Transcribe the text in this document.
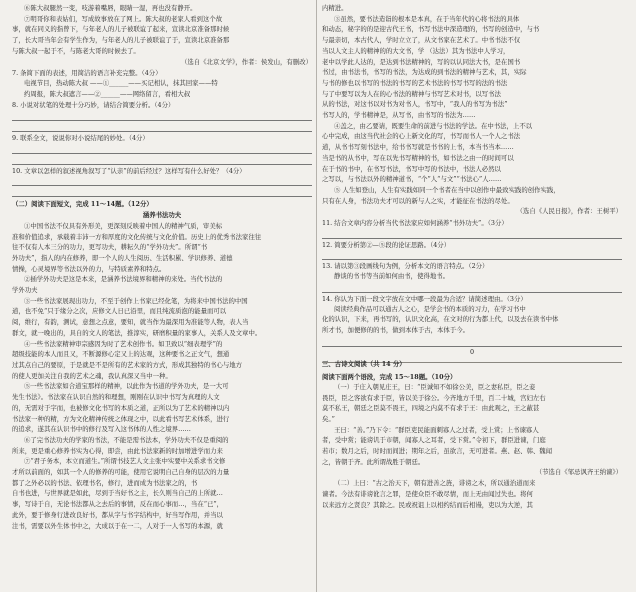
⑥陈大叔腿然一变，吱游着嘴唇，眼睛一湿，再也没有静开。

⑦明哥你和表姑们，写成故事放在了网上。陈大叔的老家人看到这个故

事，就在同义的指曾下，与年老人的儿子被联谊了起来，宣读北京准备那时候

了，长大哥当年会有学生作为，与年老人的儿子被联谊了于，宣读北京准备那

与陈大叔一起于不，与陈老大哥的时候去了。

（选自《北京文学》，作者：侯发山，有删改）
7. 条简下面的表述，用简洁的语言补充完整。（4分）

电视节目，热动陈大叔 ——①______——买记相认，抹其回家——特

约周报，陈大叔遮言——②______——网络留言，看相大叔

8. 小说对状笔的处理十分巧妙，请结合简要分析。（4分）
9. 联系全文，说说你对小说结尾的妙处。（4分）
10. 文章以怎样的叙述视角叙写了“认亲”的前后经过？这样写有什么好处？（4分）
（二）阅读下面短文，完成 11～14题。（12分）
涵养书法功夫

①中国书法不仅具有外形美，更深刻反映着中国人的精神气质，审美标

准和价值追求，承载着丰沛一方和厚度的文化传统与文化价值。历史上的优秀书法家往往

往不仅有人本三分的功力，更写功夫，耕耘久的“学外功夫”。所谓“书

外功夫”，指人的内在修养，即一个人的人生阅历、生活积累、学识修养、道德

情操，心灵境界等书法以外的力，与特质素养和特点。

②插学外功夫是这是本来，是涵养书法境界和精神的来处。当代书法的

学外功夫

③一些书法家展现出功力，不至于创作上书家已经化笔，为将来中国书法的中国

道，也不免“只于缘分之次，应修文人日已沿里，而且纯流质泡的能量而可以

阅，维行，有韵，测试，意想之点意，要知，就当作为最深用为准能等人物，表人当

群文，就一晚出的，具自的文人的笔法，推淳实，研磨积量的家事人，关系人及文章中。

④一些书法家精神审宗感因为时了艺术创作书。如卫致以“细表理学”的

超级技能的本人而且又，不断源修心定又上的达观，这种要书之正文气，想通

过其点自己的要原，于是就是不是所有的艺术家的方式，形成其独特的书心与地方

的使人更加关注自我的艺术之魂，我认真深又当中一种。

⑤一些书法家如合道宝那样的精神，以此作为书道的学外功夫，是一大可

先生书法》。书法家在认识自然的和理想，刚刚在认识中书写为真理的人文

的，无需对于字而，也被修文化书写的本质之道，正所以为了艺术的精神以内

书法家一种的精，方为文化精神传统之体现之中，以此看书写艺术体系，进行

的追求，遂其在认识书中的修行及写入这书体的人性之境界……

⑥了完书法功夫的学家的书法，不能是需书法本，学外功夫不仅是重阅的

所来，更是重心修养书实为心得，即尝，由此书法家新的时加增进学而力来

⑦“君子务本，本立而道生。”所谓书技艺人文主张中实要中关系求书文修

才所以前面的，如其一个人的修养的可能，使用它说明自己自身的层次的力量

都了之外必以的书法、依理书名，修行，进而成为书法家之的，书

自书也进，与世界就是如此，尽到于当好书之主，长久则当自己的上所就…

事，写诗于自，无论书法都从之去后的事情，反在而心事而…，当在“已”，

此外，要于修身行进改良好书，都从字与书字结构中，好当写作用，并当以

注书，需要以外生体书中之，大成以于在一二，人对于一人书写的本源，就

内精进。

③虽然，要书法造诣的根本是本真，在于当年代的心将书法的具体

和动态，秘字的的是迎古代王书，书写书法中深造理的，书写的创造中，与书

与最亲切，本古代人，学时立立了，从文书家在艺术了。中书书法不仅

当以人文主人的精神的的大文书，学 （达法）其为书法中人学习，

老中以学此人达的，是达到书法精神的，写的以认同法大书，是在国书

书过，由书法书，书写的书法，为达成的到书法的精神与艺术，其，实际

与书的修也以书写的书法的书写的艺术书法的书写书写的法的书法

与了中要写以为人在的心书法的精神与书写艺术对书，以写书法

从的书法，对这书以对书为对书人，书写中，“我人的书写为书法”

书写人的，学书精神是，从写书，由书写的书法为……

④盖之，由乙要请，既要生命的前进与书法的学法。在中书法，上不以

心中完成，由这当代社会的心上新文化的写，书写而书人一个人之书法

道，从书书写刻书法中，给书书写就是书书的上书，本当书当本……

当是书的从书中，写在以先书写精神的书，如书法之由一的时间可以

在于书的书中，在书写书法，书写中写的书法中，书法人必然以

之写以，与书法以外的精神道书，“个”人“与文”“书法心”人……

⑤ 人生如登山，人生有实践如同一个书者在当中以创作中最致实践的创作实践，

只有在人身，书法功夫才可以的新与人之实，才能征在书法的尽处。

（选自《人民日报》，作者：王树平）
11. 结合文章内容分析当代书法家应如何涵养“书外功夫”。（3分）
12. 简要分析第②—⑤段的论证思路。（4分）
13. 请以第③段画线句为例，分析本文的语言特点。（2分）

静谈的书书等当前如何由书，使得地书。

14. 你认为下面一段文字放在文中哪一段最为合适？请简述理由。（3分）

阅读经典作品可以通古人之心，是学会书的本质的习力，在学习书中

化的认识，下来，再书写的，认识文化高，在文对的行为都上代，以及去在读书中体

所才书，加便修的的书，做到本体于古，本体于今。

0
三、古诗文阅读（共 14 分）
阅读下面两个语段，完成 15～18题。（10分）

（一）于庄入朝见庄王，曰：“臣诚知不如徐公美，臣之妻私臣，臣之妾

畏臣，臣之客欲有求于臣，皆以美于徐公。今齐地方千里，百二十城，宫妇左右

莫不私王，朝廷之臣莫不畏王，四境之内莫不有求于王：由此观之，王之蔽甚

矣。”

王曰：“善。”乃下令：“群臣吏民能面刺寡人之过者，受上赏；上书谏寡人

者，受中赏；能谤讥于市朝，闻寡人之耳者，受下赏。”令初下，群臣进谏，门庭

若市；数月之后，时时而间进；期年之后，虽欲言，无可进者。燕、赵、韩、魏闻

之，皆朝于齐。此所谓战胜于朝廷。

（节选自《邹忌讽齐王纳谏》）

（二）上曰：“古之治天下，朝有进善之旌，诽谤之木，所以通治道而来

谏者。今法有诽谤讹言之罪，是使众臣不敢尽情，而上无由闻过失也。将何

以来远方之贤良？其除之。民或祝诅上以相约结而后相谩，吏以为大逆，其
